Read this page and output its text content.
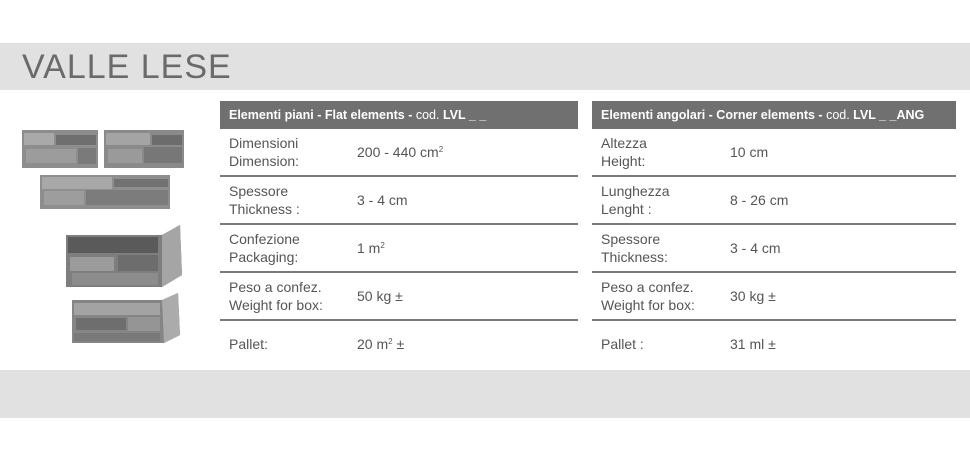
VALLE LESE
Elementi piani - Flat elements - cod. LVL _ _
Dimensioni
Dimension:
200 - 440 $cm^2$
Spessore
Thickness :
3 - 4 cm
Confezione
Packaging:
1 $m^2$
Peso a confez.
Weight for box:
50 kg ±
Pallet:	20 $m^2$ ±
Elementi angolari - Corner elements - cod. LVL _ _ANG
Altezza
Height:
10 cm
Lunghezza
Lenght :
8 - 26 cm
Spessore
Thickness:
3 - 4 cm
Peso a confez.
Weight for box:
30 kg ±
Pallet :	31 ml ±
